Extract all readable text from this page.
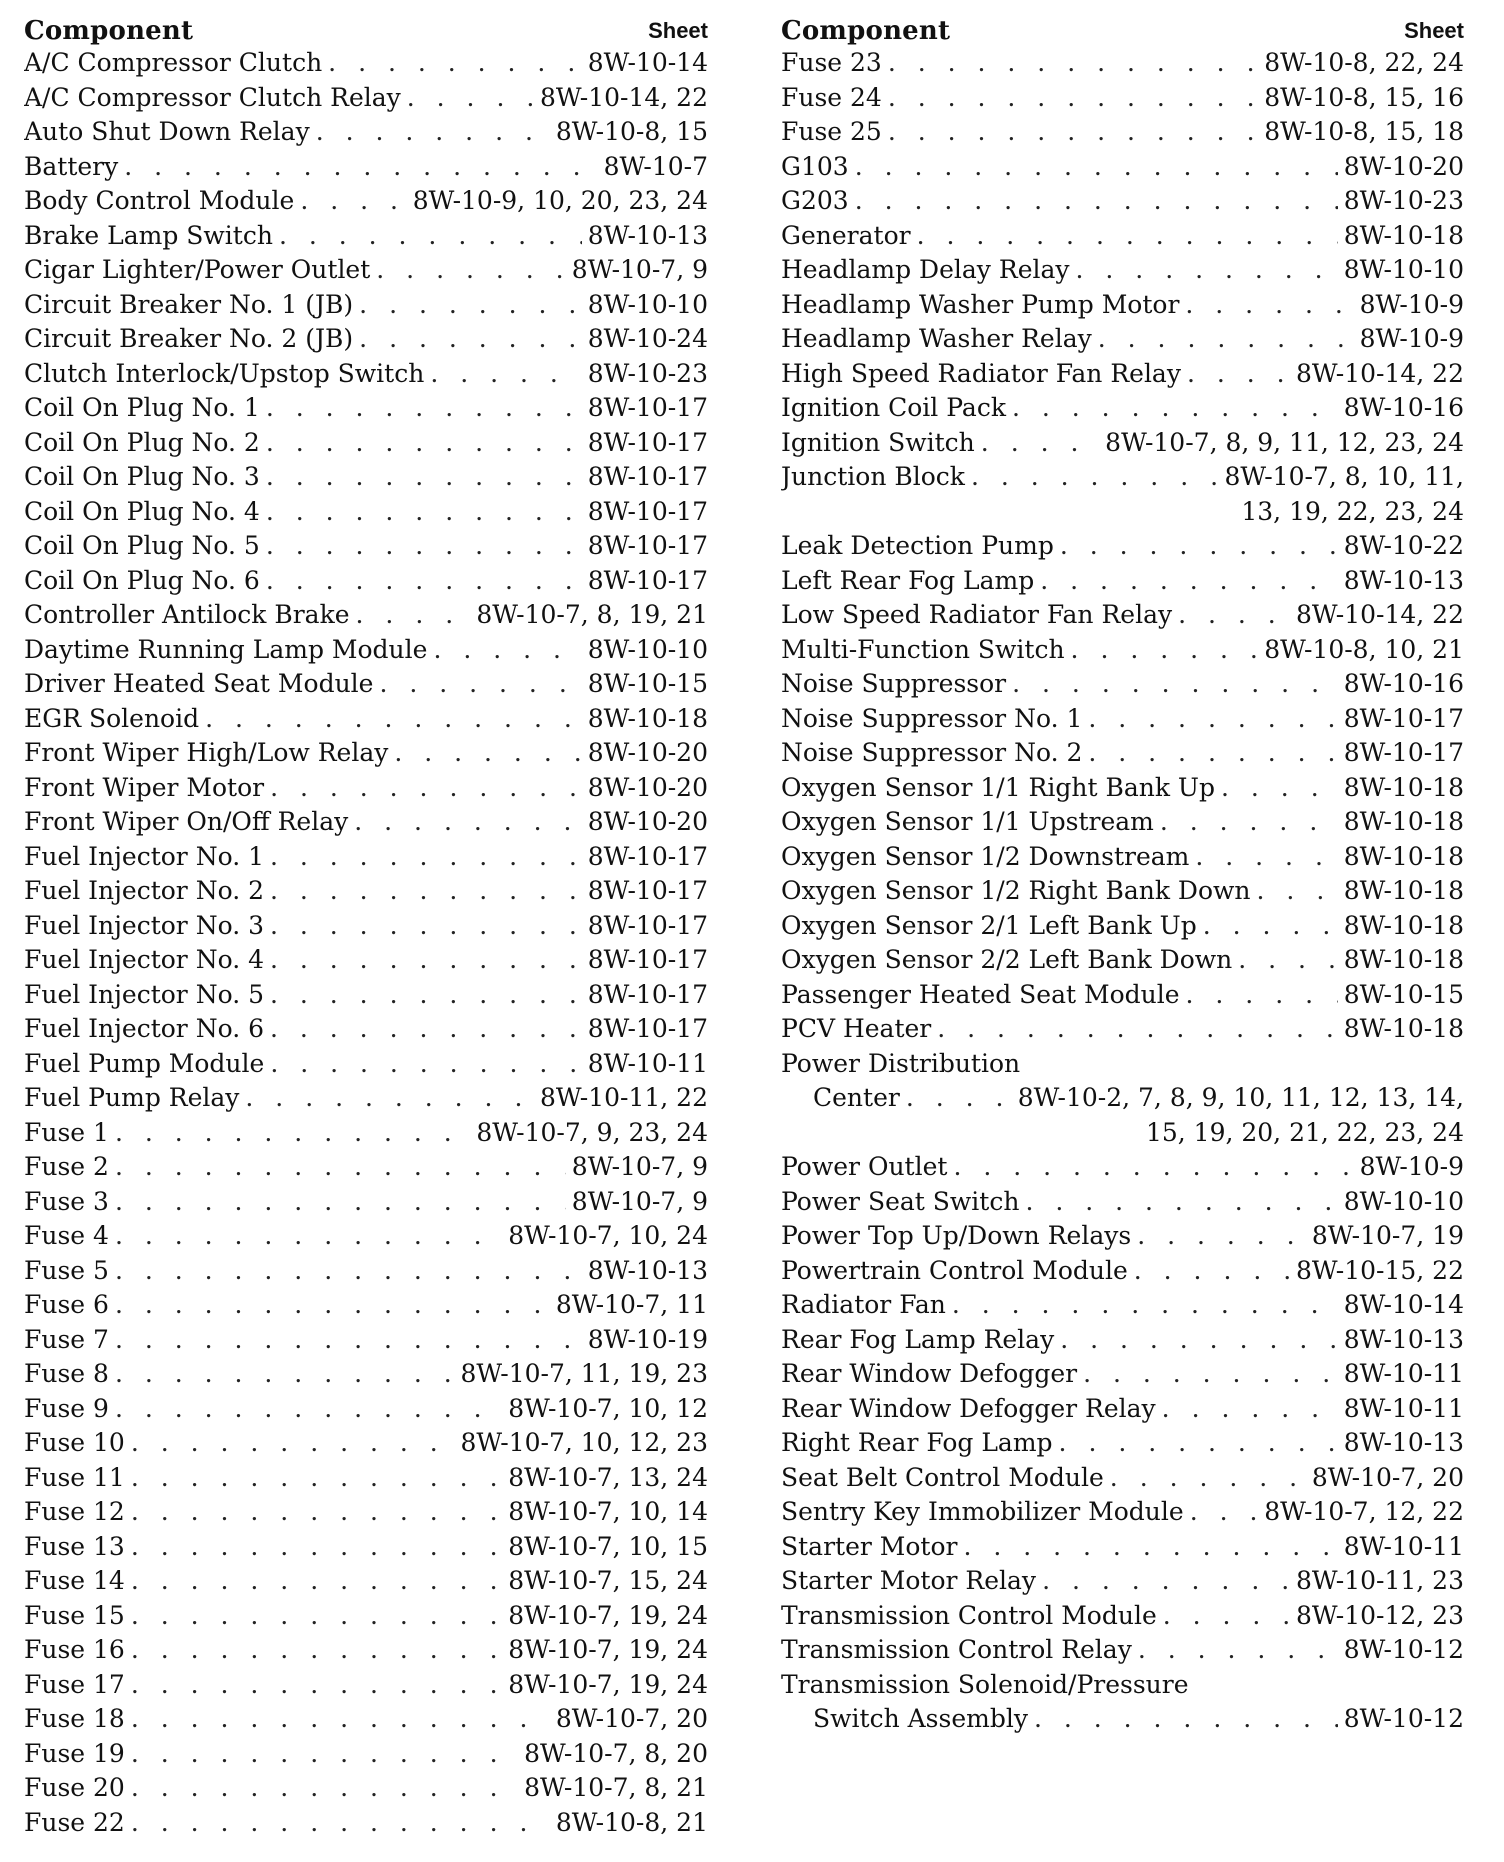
Component	Sheet
A/C Compressor Clutch . . .	8W-10-14
A/C Compressor Clutch Relay . . .	8W-10-14, 22
Auto Shut Down Relay . . .	8W-10-8, 15
Battery . . .	8W-10-7
Body Control Module . . .	8W-10-9, 10, 20, 23, 24
Brake Lamp Switch . . .	8W-10-13
Cigar Lighter/Power Outlet . . .	8W-10-7, 9
Circuit Breaker No. 1 (JB) . . .	8W-10-10
Circuit Breaker No. 2 (JB) . . .	8W-10-24
Clutch Interlock/Upstop Switch . . .	8W-10-23
Coil On Plug No. 1 . . .	8W-10-17
Coil On Plug No. 2 . . .	8W-10-17
Coil On Plug No. 3 . . .	8W-10-17
Coil On Plug No. 4 . . .	8W-10-17
Coil On Plug No. 5 . . .	8W-10-17
Coil On Plug No. 6 . . .	8W-10-17
Controller Antilock Brake . . .	8W-10-7, 8, 19, 21
Daytime Running Lamp Module . . .	8W-10-10
Driver Heated Seat Module . . .	8W-10-15
EGR Solenoid . . .	8W-10-18
Front Wiper High/Low Relay . . .	8W-10-20
Front Wiper Motor . . .	8W-10-20
Front Wiper On/Off Relay . . .	8W-10-20
Fuel Injector No. 1 . . .	8W-10-17
Fuel Injector No. 2 . . .	8W-10-17
Fuel Injector No. 3 . . .	8W-10-17
Fuel Injector No. 4 . . .	8W-10-17
Fuel Injector No. 5 . . .	8W-10-17
Fuel Injector No. 6 . . .	8W-10-17
Fuel Pump Module . . .	8W-10-11
Fuel Pump Relay . . .	8W-10-11, 22
Fuse 1 . . .	8W-10-7, 9, 23, 24
Fuse 2 . . .	8W-10-7, 9
Fuse 3 . . .	8W-10-7, 9
Fuse 4 . . .	8W-10-7, 10, 24
Fuse 5 . . .	8W-10-13
Fuse 6 . . .	8W-10-7, 11
Fuse 7 . . .	8W-10-19
Fuse 8 . . .	8W-10-7, 11, 19, 23
Fuse 9 . . .	8W-10-7, 10, 12
Fuse 10 . . .	8W-10-7, 10, 12, 23
Fuse 11 . . .	8W-10-7, 13, 24
Fuse 12 . . .	8W-10-7, 10, 14
Fuse 13 . . .	8W-10-7, 10, 15
Fuse 14 . . .	8W-10-7, 15, 24
Fuse 15 . . .	8W-10-7, 19, 24
Fuse 16 . . .	8W-10-7, 19, 24
Fuse 17 . . .	8W-10-7, 19, 24
Fuse 18 . . .	8W-10-7, 20
Fuse 19 . . .	8W-10-7, 8, 20
Fuse 20 . . .	8W-10-7, 8, 21
Fuse 22 . . .	8W-10-8, 21
Component	Sheet
Fuse 23 . . .	8W-10-8, 22, 24
Fuse 24 . . .	8W-10-8, 15, 16
Fuse 25 . . .	8W-10-8, 15, 18
G103 . . .	8W-10-20
G203 . . .	8W-10-23
Generator . . .	8W-10-18
Headlamp Delay Relay . . .	8W-10-10
Headlamp Washer Pump Motor . . .	8W-10-9
Headlamp Washer Relay . . .	8W-10-9
High Speed Radiator Fan Relay . . .	8W-10-14, 22
Ignition Coil Pack . . .	8W-10-16
Ignition Switch . . .	8W-10-7, 8, 9, 11, 12, 23, 24
Junction Block . . .	8W-10-7, 8, 10, 11,
13, 19, 22, 23, 24
Leak Detection Pump . . .	8W-10-22
Left Rear Fog Lamp . . .	8W-10-13
Low Speed Radiator Fan Relay . . .	8W-10-14, 22
Multi-Function Switch . . .	8W-10-8, 10, 21
Noise Suppressor . . .	8W-10-16
Noise Suppressor No. 1 . . .	8W-10-17
Noise Suppressor No. 2 . . .	8W-10-17
Oxygen Sensor 1/1 Right Bank Up . . .	8W-10-18
Oxygen Sensor 1/1 Upstream . . .	8W-10-18
Oxygen Sensor 1/2 Downstream . . .	8W-10-18
Oxygen Sensor 1/2 Right Bank Down . . .	8W-10-18
Oxygen Sensor 2/1 Left Bank Up . . .	8W-10-18
Oxygen Sensor 2/2 Left Bank Down . . .	8W-10-18
Passenger Heated Seat Module . . .	8W-10-15
PCV Heater . . .	8W-10-18
Power Distribution
Center . . .	8W-10-2, 7, 8, 9, 10, 11, 12, 13, 14,
15, 19, 20, 21, 22, 23, 24
Power Outlet . . .	8W-10-9
Power Seat Switch . . .	8W-10-10
Power Top Up/Down Relays . . .	8W-10-7, 19
Powertrain Control Module . . .	8W-10-15, 22
Radiator Fan . . .	8W-10-14
Rear Fog Lamp Relay . . .	8W-10-13
Rear Window Defogger . . .	8W-10-11
Rear Window Defogger Relay . . .	8W-10-11
Right Rear Fog Lamp . . .	8W-10-13
Seat Belt Control Module . . .	8W-10-7, 20
Sentry Key Immobilizer Module . . .	8W-10-7, 12, 22
Starter Motor . . .	8W-10-11
Starter Motor Relay . . .	8W-10-11, 23
Transmission Control Module . . .	8W-10-12, 23
Transmission Control Relay . . .	8W-10-12
Transmission Solenoid/Pressure
Switch Assembly . . .	8W-10-12
